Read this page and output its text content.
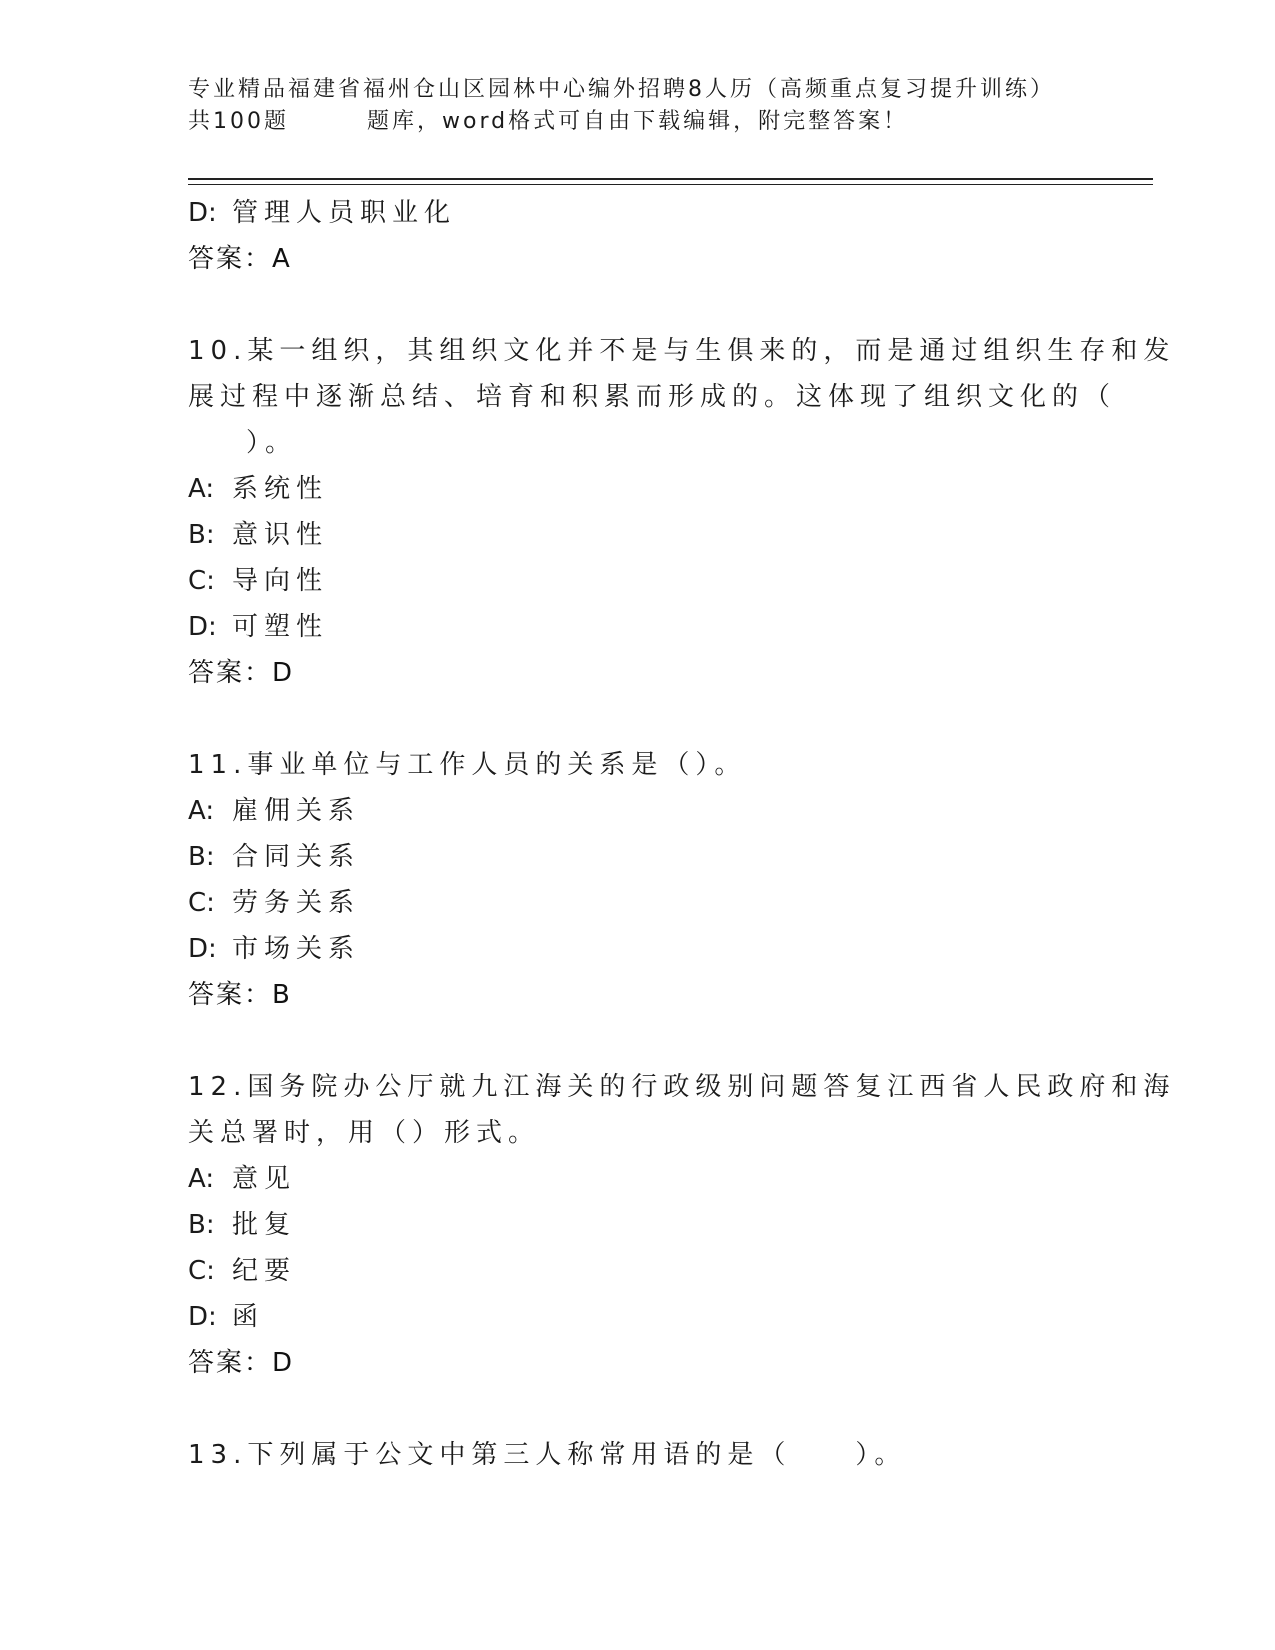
专业精品福建省福州仓山区园林中心编外招聘8人历（高频重点复习提升训练）
共100题	题库，word格式可自由下载编辑，附完整答案！
D: 管理人员职业化
答案：A
10.某一组织，其组织文化并不是与生俱来的，而是通过组织生存和发
展过程中逐渐总结、培育和积累而形成的。这体现了组织文化的（
）。
A: 系统性
B: 意识性
C: 导向性
D: 可塑性
答案：D
11.事业单位与工作人员的关系是（）。
A: 雇佣关系
B: 合同关系
C: 劳务关系
D: 市场关系
答案：B
12.国务院办公厅就九江海关的行政级别问题答复江西省人民政府和海
关总署时，用（）形式。
A: 意见
B: 批复
C: 纪要
D: 函
答案：D
13.下列属于公文中第三人称常用语的是（　　）。
